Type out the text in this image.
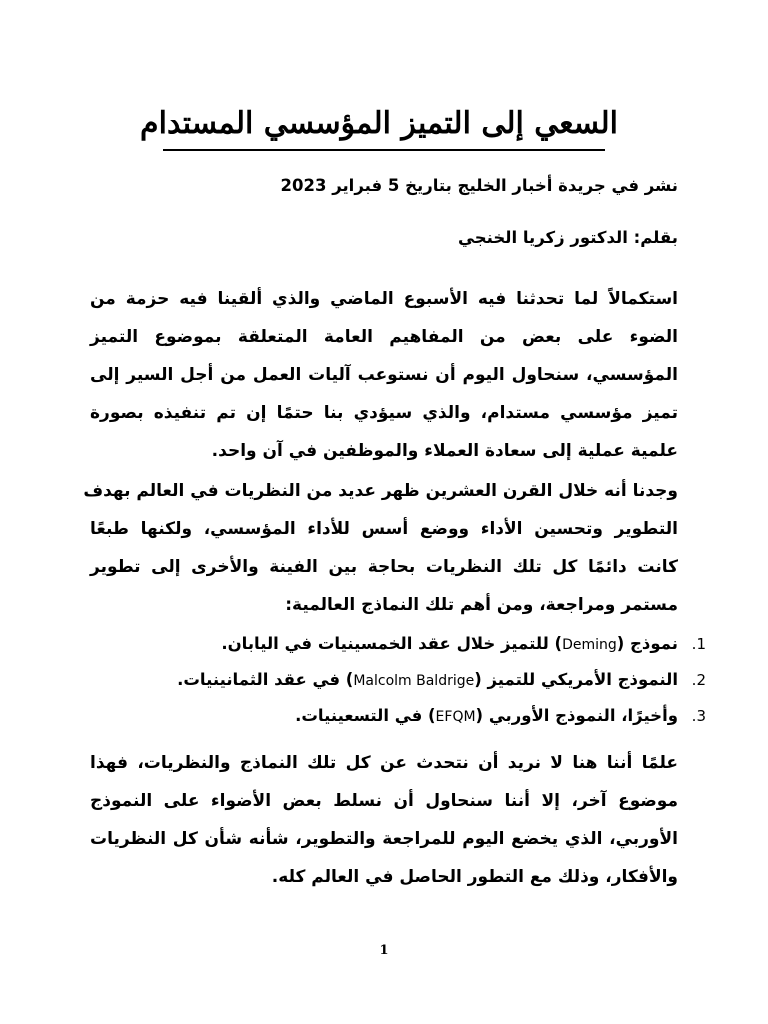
السعي إلى التميز المؤسسي المستدام
نشر في جريدة أخبار الخليج بتاريخ 5 فبراير 2023
بقلم: الدكتور زكريا الخنجي
استكمالاً لما تحدثنا فيه الأسبوع الماضي والذي ألقينا فيه حزمة من
الضوء على بعض من المفاهيم العامة المتعلقة بموضوع التميز
المؤسسي، سنحاول اليوم أن نستوعب آليات العمل من أجل السير إلى
تميز مؤسسي مستدام، والذي سيؤدي بنا حتمًا إن تم تنفيذه بصورة
علمية عملية إلى سعادة العملاء والموظفين في آن واحد.
وجدنا أنه خلال القرن العشرين ظهر عديد من النظريات في العالم بهدف
التطوير وتحسين الأداء ووضع أسس للأداء المؤسسي، ولكنها طبعًا
كانت دائمًا كل تلك النظريات بحاجة بين الفينة والأخرى إلى تطوير
مستمر ومراجعة، ومن أهم تلك النماذج العالمية:
1.
نموذج (Deming) للتميز خلال عقد الخمسينيات في اليابان.
2.
النموذج الأمريكي للتميز (Malcolm Baldrige) في عقد الثمانينيات.
3.
وأخيرًا، النموذج الأوربي (EFQM) في التسعينيات.
علمًا أننا هنا لا نريد أن نتحدث عن كل تلك النماذج والنظريات، فهذا
موضوع آخر، إلا أننا سنحاول أن نسلط بعض الأضواء على النموذج
الأوربي، الذي يخضع اليوم للمراجعة والتطوير، شأنه شأن كل النظريات
والأفكار، وذلك مع التطور الحاصل في العالم كله.
1
